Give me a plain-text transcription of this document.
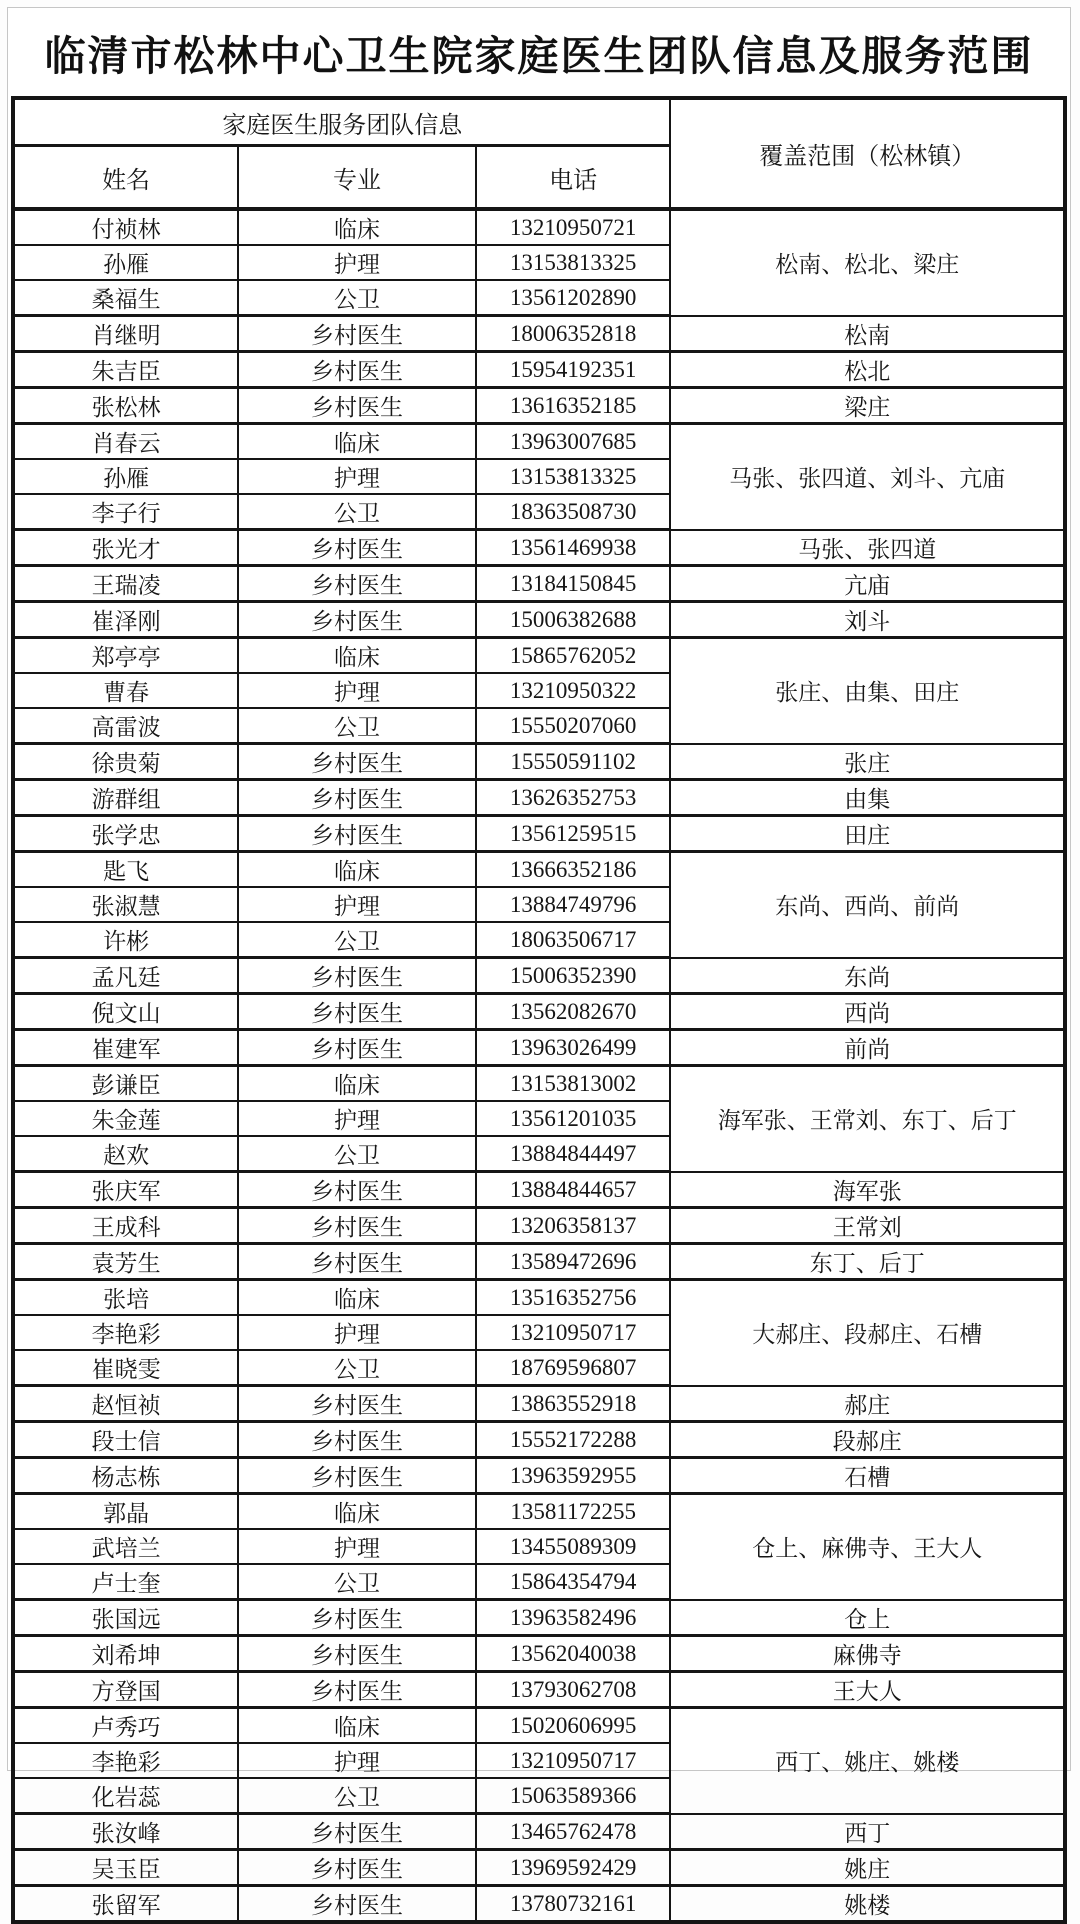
临清市松林中心卫生院家庭医生团队信息及服务范围
家庭医生服务团队信息			覆盖范围（松林镇）
姓名	专业	电话	
付祯林	临床	13210950721	松南、松北、梁庄
孙雁	护理	13153813325	
桑福生	公卫	13561202890	
肖继明	乡村医生	18006352818	松南
朱吉臣	乡村医生	15954192351	松北
张松林	乡村医生	13616352185	梁庄
肖春云	临床	13963007685	马张、张四道、刘斗、亢庙
孙雁	护理	13153813325	
李子行	公卫	18363508730	
张光才	乡村医生	13561469938	马张、张四道
王瑞凌	乡村医生	13184150845	亢庙
崔泽刚	乡村医生	15006382688	刘斗
郑亭亭	临床	15865762052	张庄、由集、田庄
曹春	护理	13210950322	
高雷波	公卫	15550207060	
徐贵菊	乡村医生	15550591102	张庄
游群组	乡村医生	13626352753	由集
张学忠	乡村医生	13561259515	田庄
匙飞	临床	13666352186	东尚、西尚、前尚
张淑慧	护理	13884749796	
许彬	公卫	18063506717	
孟凡廷	乡村医生	15006352390	东尚
倪文山	乡村医生	13562082670	西尚
崔建军	乡村医生	13963026499	前尚
彭谦臣	临床	13153813002	海军张、王常刘、东丁、后丁
朱金莲	护理	13561201035	
赵欢	公卫	13884844497	
张庆军	乡村医生	13884844657	海军张
王成科	乡村医生	13206358137	王常刘
袁芳生	乡村医生	13589472696	东丁、后丁
张培	临床	13516352756	大郝庄、段郝庄、石槽
李艳彩	护理	13210950717	
崔晓雯	公卫	18769596807	
赵恒祯	乡村医生	13863552918	郝庄
段士信	乡村医生	15552172288	段郝庄
杨志栋	乡村医生	13963592955	石槽
郭晶	临床	13581172255	仓上、麻佛寺、王大人
武培兰	护理	13455089309	
卢士奎	公卫	15864354794	
张国远	乡村医生	13963582496	仓上
刘希坤	乡村医生	13562040038	麻佛寺
方登国	乡村医生	13793062708	王大人
卢秀巧	临床	15020606995	西丁、姚庄、姚楼
李艳彩	护理	13210950717	
化岩蕊	公卫	15063589366	
张汝峰	乡村医生	13465762478	西丁
吴玉臣	乡村医生	13969592429	姚庄
张留军	乡村医生	13780732161	姚楼
